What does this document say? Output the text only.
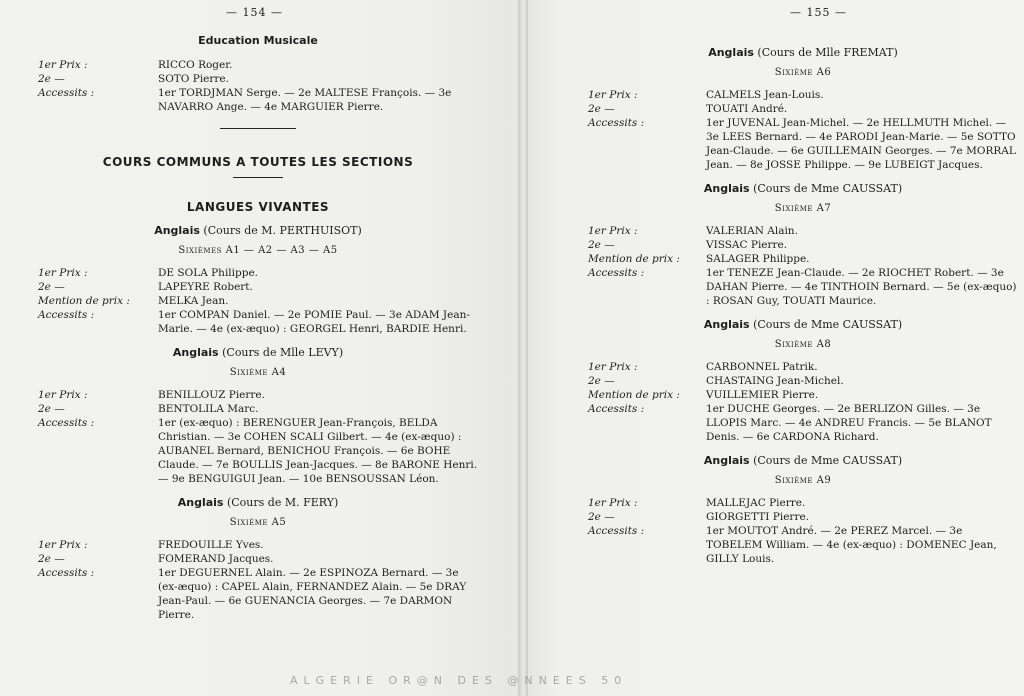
— 154 —
Education Musicale
1er Prix :	RICCO Roger.
2e —	SOTO Pierre.
Accessits :	1er TORDJMAN Serge. — 2e MALTESE François. — 3e NAVARRO Ange. — 4e MARGUIER Pierre.
COURS COMMUNS A TOUTES LES SECTIONS
LANGUES VIVANTES
Anglais (Cours de M. PERTHUISOT)
Sixièmes A1 — A2 — A3 — A5
1er Prix :	DE SOLA Philippe.
2e —	LAPEYRE Robert.
Mention de prix :	MELKA Jean.
Accessits :	1er COMPAN Daniel. — 2e POMIE Paul. — 3e ADAM Jean-Marie. — 4e (ex-æquo) : GEORGEL Henri, BARDIE Henri.
Anglais (Cours de Mlle LEVY)
Sixième A4
1er Prix :	BENILLOUZ Pierre.
2e —	BENTOLILA Marc.
Accessits :	1er (ex-æquo) : BERENGUER Jean-François, BELDA Christian. — 3e COHEN SCALI Gilbert. — 4e (ex-æquo) : AUBANEL Bernard, BENICHOU François. — 6e BOHE Claude. — 7e BOULLIS Jean-Jacques. — 8e BARONE Henri. — 9e BENGUIGUI Jean. — 10e BENSOUSSAN Léon.
Anglais (Cours de M. FERY)
Sixième A5
1er Prix :	FREDOUILLE Yves.
2e —	FOMERAND Jacques.
Accessits :	1er DEGUERNEL Alain. — 2e ESPINOZA Bernard. — 3e (ex-æquo) : CAPEL Alain, FERNANDEZ Alain. — 5e DRAY Jean-Paul. — 6e GUENANCIA Georges. — 7e DARMON Pierre.
— 155 —
Anglais (Cours de Mlle FREMAT)
Sixième A6
1er Prix :	CALMELS Jean-Louis.
2e —	TOUATI André.
Accessits :	1er JUVENAL Jean-Michel. — 2e HELLMUTH Michel. — 3e LEES Bernard. — 4e PARODI Jean-Marie. — 5e SOTTO Jean-Claude. — 6e GUILLEMAIN Georges. — 7e MORRAL Jean. — 8e JOSSE Philippe. — 9e LUBEIGT Jacques.
Anglais (Cours de Mme CAUSSAT)
Sixième A7
1er Prix :	VALERIAN Alain.
2e —	VISSAC Pierre.
Mention de prix :	SALAGER Philippe.
Accessits :	1er TENEZE Jean-Claude. — 2e RIOCHET Robert. — 3e DAHAN Pierre. — 4e TINTHOIN Bernard. — 5e (ex-æquo) : ROSAN Guy, TOUATI Maurice.
Anglais (Cours de Mme CAUSSAT)
Sixième A8
1er Prix :	CARBONNEL Patrik.
2e —	CHASTAING Jean-Michel.
Mention de prix :	VUILLEMIER Pierre.
Accessits :	1er DUCHE Georges. — 2e BERLIZON Gilles. — 3e LLOPIS Marc. — 4e ANDREU Francis. — 5e BLANOT Denis. — 6e CARDONA Richard.
Anglais (Cours de Mme CAUSSAT)
Sixième A9
1er Prix :	MALLEJAC Pierre.
2e —	GIORGETTI Pierre.
Accessits :	1er MOUTOT André. — 2e PEREZ Marcel. — 3e TOBELEM William. — 4e (ex-æquo) : DOMENEC Jean, GILLY Louis.
ALGERIE OR@N DES @NNEES 50
